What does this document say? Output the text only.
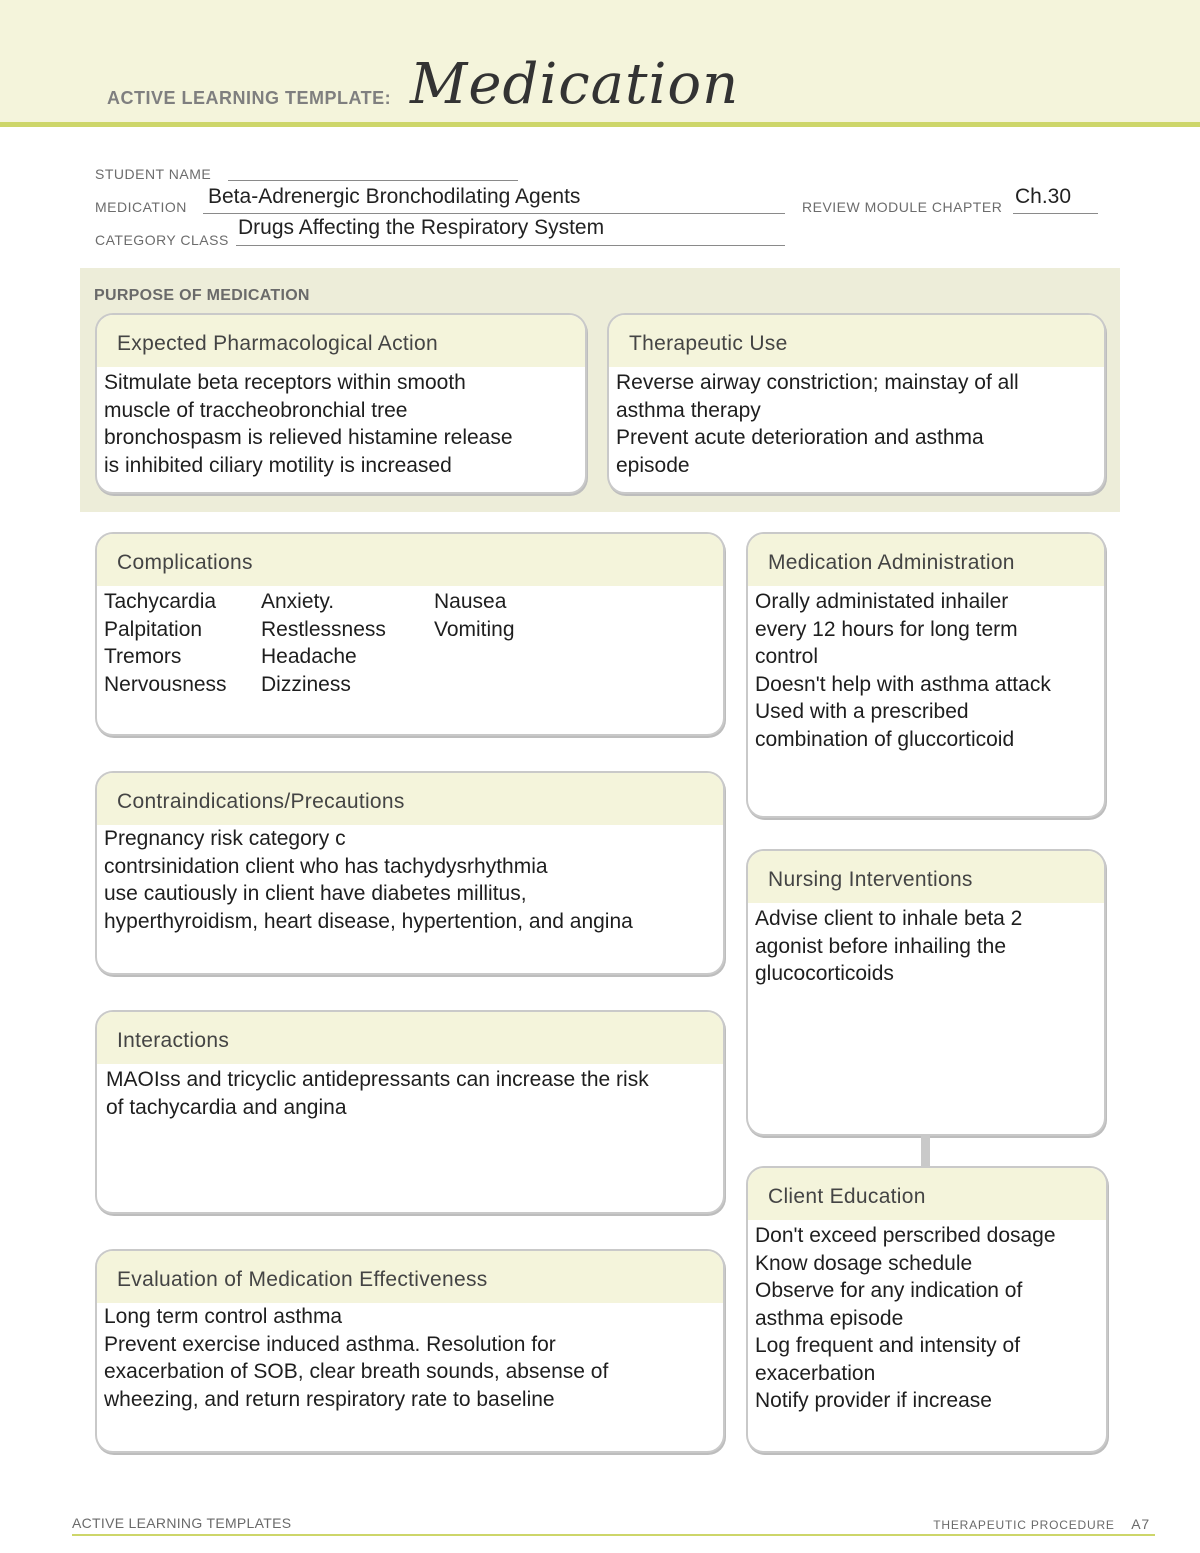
ACTIVE LEARNING TEMPLATE: Medication
STUDENT NAME
MEDICATION Beta-Adrenergic Bronchodilating Agents	REVIEW MODULE CHAPTER Ch.30
CATEGORY CLASS
Drugs Affecting the Respiratory System
PURPOSE OF MEDICATION
Expected Pharmacological Action
Sitmulate beta receptors within smooth
muscle of traccheobronchial tree
bronchospasm is relieved histamine release
is inhibited ciliary motility is increased
Therapeutic Use
Reverse airway constriction; mainstay of all
asthma therapy
Prevent acute deterioration and asthma
episode
Complications
Tachycardia	Anxiety.	Nausea
Palpitation	Restlessness	Vomiting
Tremors	Headache
Nervousness	Dizziness
Contraindications/Precautions
Pregnancy risk category c
contrsinidation client who has tachydysrhythmia
use cautiously in client have diabetes millitus,
hyperthyroidism, heart disease, hypertention, and angina
Interactions
MAOIss and tricyclic antidepressants can increase the risk
of tachycardia and angina
Evaluation of Medication Effectiveness
Long term control asthma
Prevent exercise induced asthma. Resolution for
exacerbation of SOB, clear breath sounds, absense of
wheezing, and return respiratory rate to baseline
Medication Administration
Orally administated inhailer
every 12 hours for long term
control
Doesn't help with asthma attack
Used with a prescribed
combination of gluccorticoid
Nursing Interventions
Advise client to inhale beta 2
agonist before inhailing the
glucocorticoids
Client Education
Don't exceed perscribed dosage
Know dosage schedule
Observe for any indication of
asthma episode
Log frequent and intensity of
exacerbation
Notify provider if increase
ACTIVE LEARNING TEMPLATES	THERAPEUTIC PROCEDURE A7
